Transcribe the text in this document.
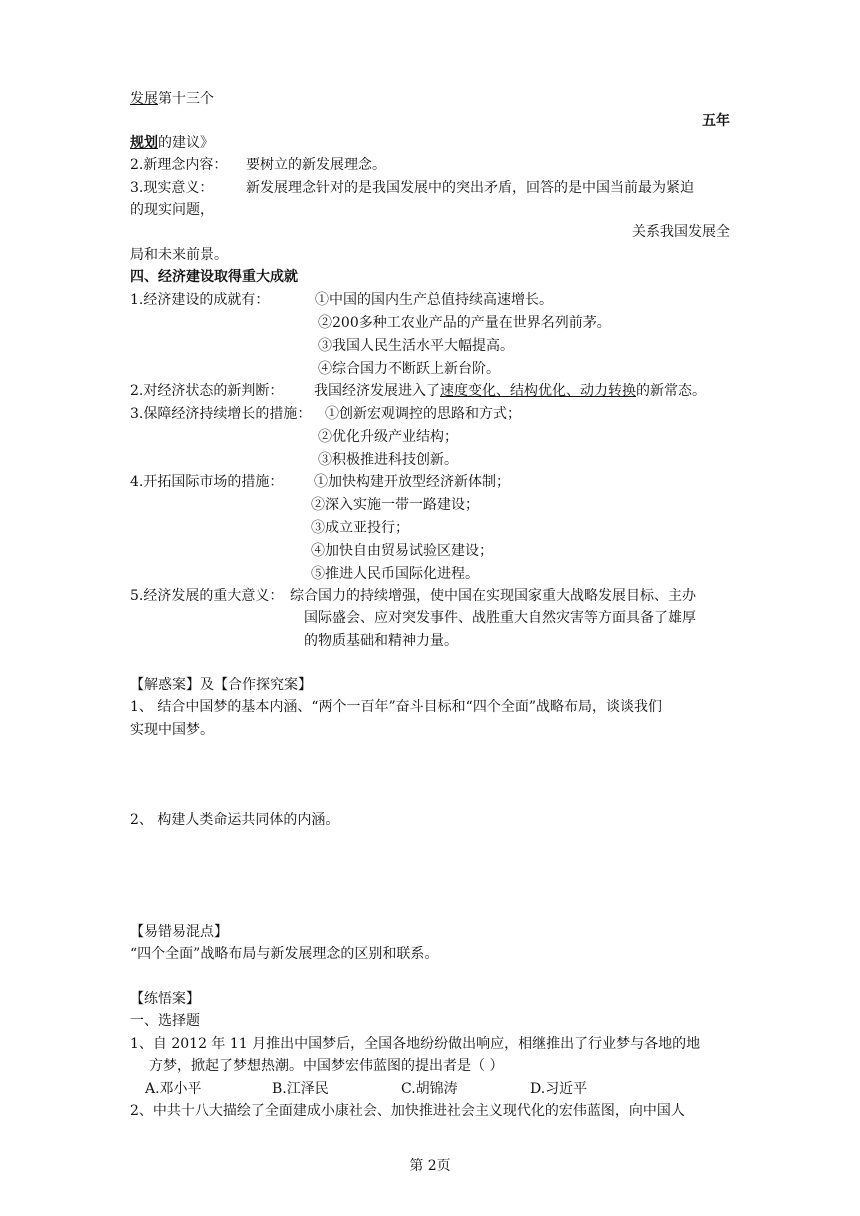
发展第十三个
五年
规划的建议》
2.新理念内容： 要树立的新发展理念。
3.现实意义： 新发展理念针对的是我国发展中的突出矛盾，回答的是中国当前最为紧迫
的现实问题，
关系我国发展全
局和未来前景。
四、经济建设取得重大成就
1.经济建设的成就有：	①中国的国内生产总值持续高速增长。
②200多种工农业产品的产量在世界名列前茅。
③我国人民生活水平大幅提高。
④综合国力不断跃上新台阶。
2.对经济状态的新判断： 我国经济发展进入了速度变化、结构优化、动力转换的新常态。
3.保障经济持续增长的措施： ①创新宏观调控的思路和方式；
②优化升级产业结构；
③积极推进科技创新。
4.开拓国际市场的措施： ①加快构建开放型经济新体制；
②深入实施一带一路建设；
③成立亚投行；
④加快自由贸易试验区建设；
⑤推进人民币国际化进程。
5.经济发展的重大意义： 综合国力的持续增强，使中国在实现国家重大战略发展目标、主办
国际盛会、应对突发事件、战胜重大自然灾害等方面具备了雄厚
的物质基础和精神力量。
【解惑案】及【合作探究案】
1、 结合中国梦的基本内涵、“两个一百年”奋斗目标和“四个全面”战略布局，谈谈我们
实现中国梦。
2、 构建人类命运共同体的内涵。
【易错易混点】
“四个全面”战略布局与新发展理念的区别和联系。
【练悟案】
一、选择题
1、自 2012 年 11 月推出中国梦后，全国各地纷纷做出响应，相继推出了行业梦与各地的地
方梦，掀起了梦想热潮。中国梦宏伟蓝图的提出者是（ ）
A.邓小平	B.江泽民	C.胡锦涛	D.习近平
2、中共十八大描绘了全面建成小康社会、加快推进社会主义现代化的宏伟蓝图，向中国人
第 2页
